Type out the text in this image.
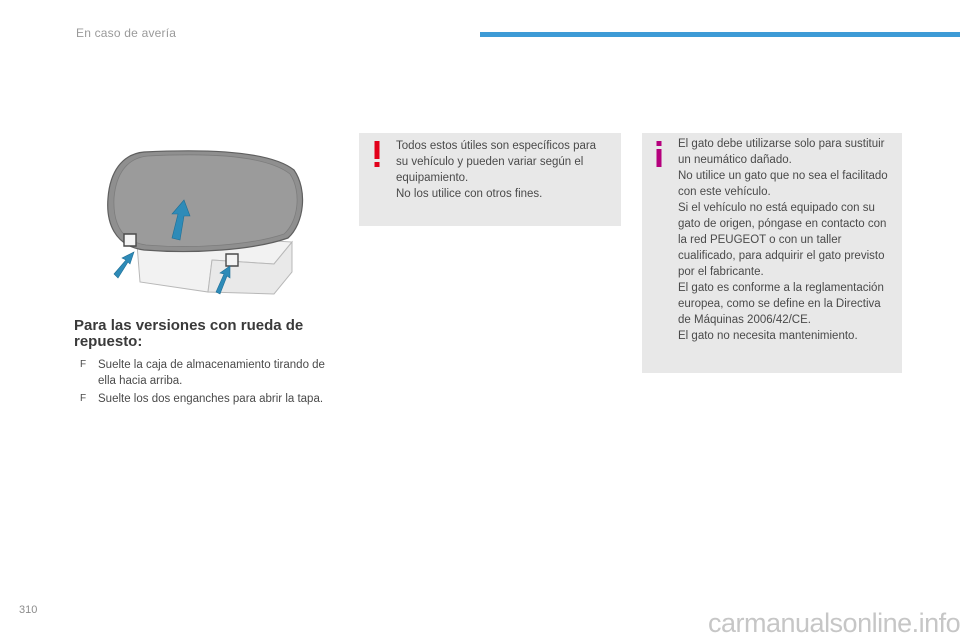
En caso de avería
Para las versiones con rueda de repuesto:
F Suelte la caja de almacenamiento tirando de ella hacia arriba.
F Suelte los dos enganches para abrir la tapa.

Todos estos útiles son específicos para su vehículo y pueden variar según el equipamiento.

No los utilice con otros fines.

El gato debe utilizarse solo para sustituir un neumático dañado.

No utilice un gato que no sea el facilitado con este vehículo.

Si el vehículo no está equipado con su gato de origen, póngase en contacto con la red PEUGEOT o con un taller cualificado, para adquirir el gato previsto por el fabricante.

El gato es conforme a la reglamentación europea, como se define en la Directiva de Máquinas 2006/42/CE.

El gato no necesita mantenimiento.

310	carmanualsonline.info
